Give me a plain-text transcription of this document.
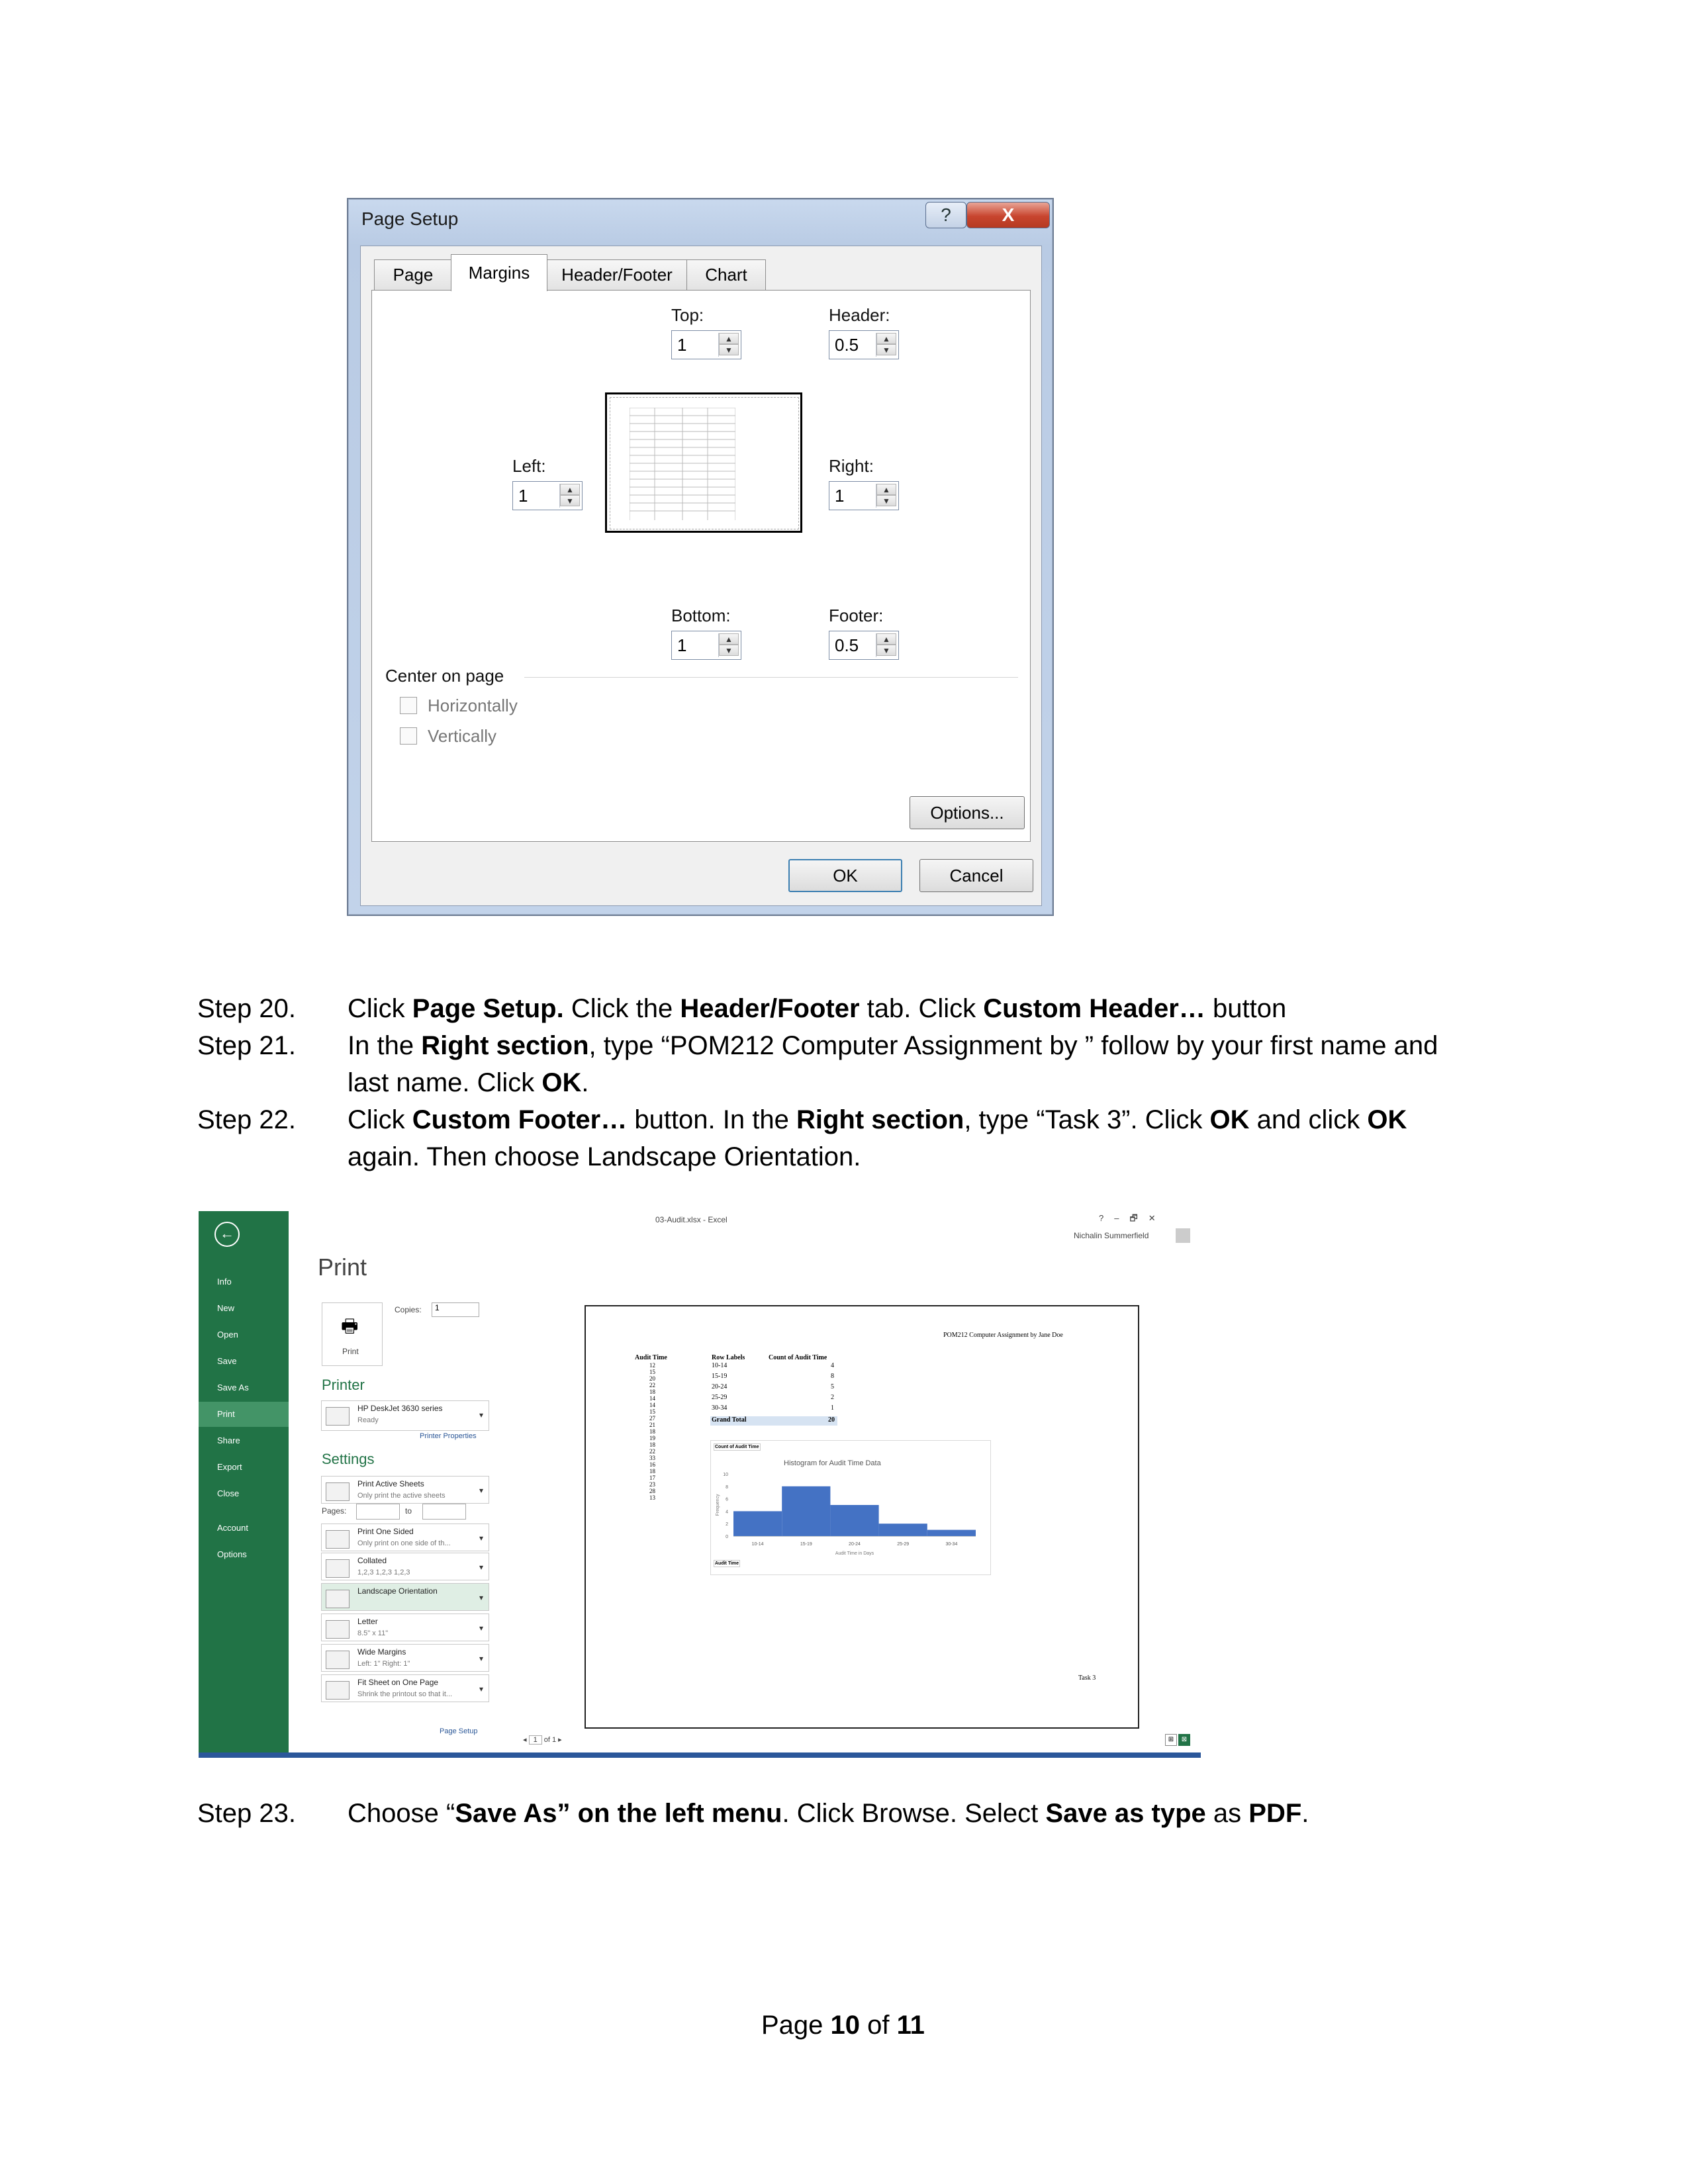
Page Setup	?	X
Page	Margins	Header/Footer	Chart
Top:
1	▲
▼
Header:
0.5	▲
▼
Left:
1	▲
▼
Right:
1	▲
▼
Bottom:
1	▲
▼
Footer:
0.5	▲
▼
Center on page
Horizontally
Vertically
Options...
OK	Cancel
Step 20. Click Page Setup. Click the Header/Footer tab. Click Custom Header… button
Step 21. In the Right section, type “POM212 Computer Assignment by ” follow by your first name and last name. Click OK.
Step 22. Click Custom Footer… button. In the Right section, type “Task 3”. Click OK and click OK again. Then choose Landscape Orientation.
←
Info
New
Open
Save
Save As
Print
Share
Export
Close
Account
Options
03-Audit.xlsx - Excel	?–🗗✕
Nichalin Summerfield
Print
🖶
Print
Copies:	1
Printer
HP DeskJet 3630 series
Ready
▾
Printer Properties
Settings
Print Active Sheets
Only print the active sheets
▾
Print One Sided
Only print on one side of th...
▾
Collated
1,2,3 1,2,3 1,2,3
▾
Landscape Orientation
▾
Letter
8.5" x 11"
▾
Wide Margins
Left: 1" Right: 1"
▾
Fit Sheet on One Page
Shrink the printout so that it...
▾
Pages:	to
Page Setup
POM212 Computer Assignment by Jane Doe
Audit Time
12
15
20
22
18
14
14
15
27
21
18
19
18
22
33
16
18
17
23
28
13
Row Labels	Count of Audit Time
10-14	4
15-19	8
20-24	5
25-29	2
30-34	1
Grand Total	20
Count of Audit Time
Histogram for Audit Time Data
10
8
6
4
2
0
10-14	15-19	20-24	25-29	30-34
Audit Time in Days
Frequency
Audit Time
Task 3
◂ 1 of 1 ▸	⊞	⊠
Step 23. Choose “Save As” on the left menu. Click Browse. Select Save as type as PDF.
Page 10 of 11
